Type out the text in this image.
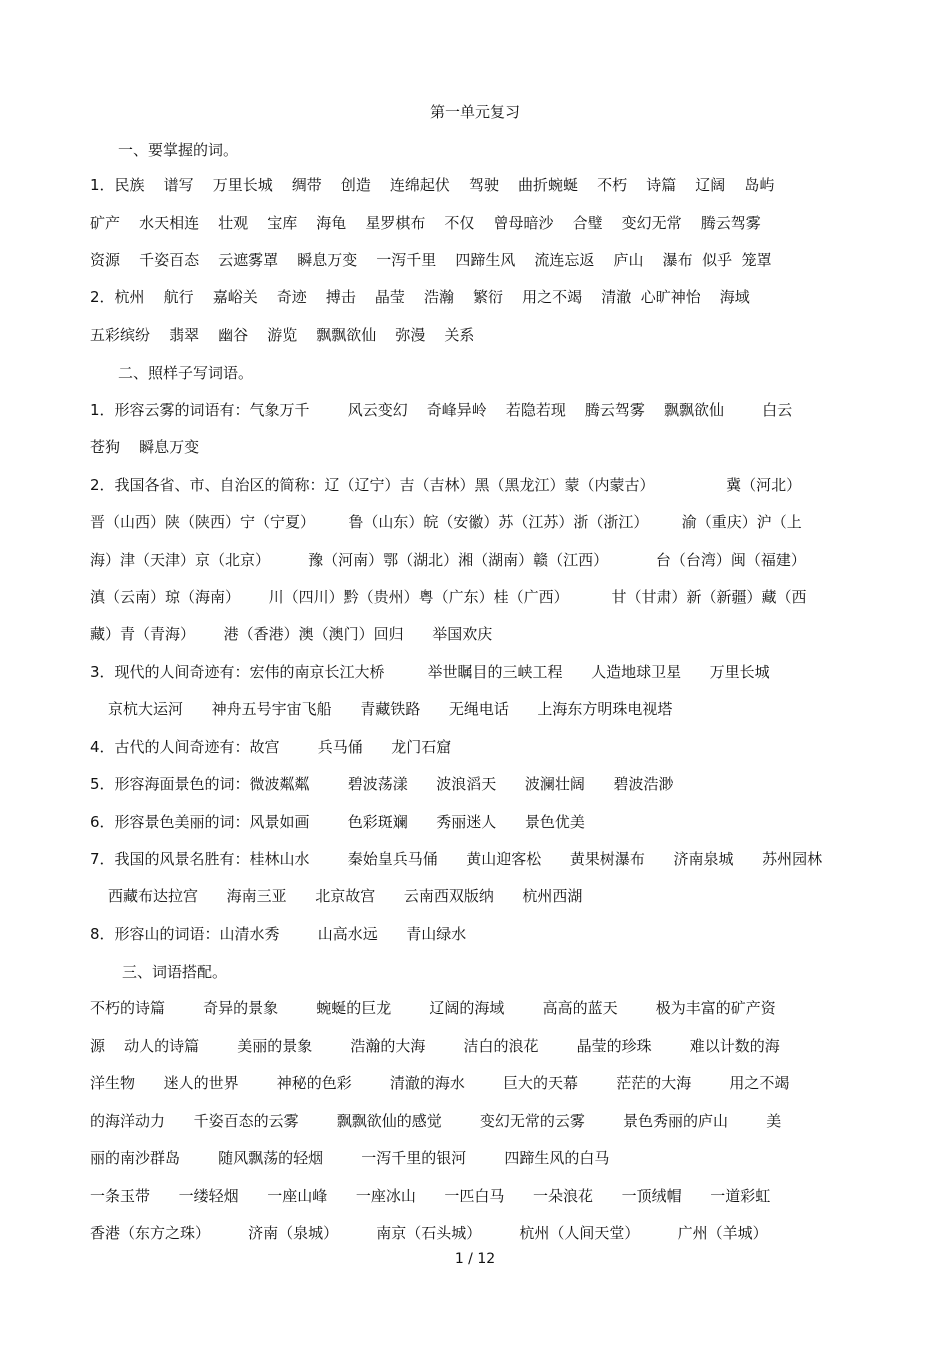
第一单元复习
一、要掌握的词。
1．民族    谱写    万里长城    绸带    创造    连绵起伏    驾驶    曲折蜿蜒    不朽    诗篇    辽阔    岛屿
矿产    水天相连    壮观    宝库    海龟    星罗棋布    不仅    曾母暗沙    合璧    变幻无常    腾云驾雾
资源    千姿百态    云遮雾罩    瞬息万变    一泻千里    四蹄生风    流连忘返    庐山    瀑布  似乎  笼罩
2．杭州    航行    嘉峪关    奇迹    搏击    晶莹    浩瀚    繁衍    用之不竭    清澈  心旷神怡    海域
五彩缤纷    翡翠    幽谷    游览    飘飘欲仙    弥漫    关系
二、照样子写词语。
1．形容云雾的词语有：气象万千        风云变幻    奇峰异岭    若隐若现    腾云驾雾    飘飘欲仙        白云
苍狗    瞬息万变
2．我国各省、市、自治区的简称：辽（辽宁）吉（吉林）黑（黑龙江）蒙（内蒙古）               冀（河北）
晋（山西）陕（陕西）宁（宁夏）       鲁（山东）皖（安徽）苏（江苏）浙（浙江）       渝（重庆）沪（上
海）津（天津）京（北京）        豫（河南）鄂（湖北）湘（湖南）赣（江西）          台（台湾）闽（福建）
滇（云南）琼（海南）      川（四川）黔（贵州）粤（广东）桂（广西）         甘（甘肃）新（新疆）藏（西
藏）青（青海）      港（香港）澳（澳门）回归      举国欢庆
3．现代的人间奇迹有：宏伟的南京长江大桥         举世瞩目的三峡工程      人造地球卫星      万里长城
京杭大运河      神舟五号宇宙飞船      青藏铁路      无绳电话      上海东方明珠电视塔
4．古代的人间奇迹有：故宫        兵马俑      龙门石窟
5．形容海面景色的词：微波粼粼        碧波荡漾      波浪滔天      波澜壮阔      碧波浩渺
6．形容景色美丽的词：风景如画        色彩斑斓      秀丽迷人      景色优美
7．我国的风景名胜有：桂林山水        秦始皇兵马俑      黄山迎客松      黄果树瀑布      济南泉城      苏州园林
西藏布达拉宫      海南三亚      北京故宫      云南西双版纳      杭州西湖
8．形容山的词语：山清水秀        山高水远      青山绿水
三、词语搭配。
不朽的诗篇        奇异的景象        蜿蜒的巨龙        辽阔的海域        高高的蓝天        极为丰富的矿产资
源    动人的诗篇        美丽的景象        浩瀚的大海        洁白的浪花        晶莹的珍珠        难以计数的海
洋生物      迷人的世界        神秘的色彩        清澈的海水        巨大的天幕        茫茫的大海        用之不竭
的海洋动力      千姿百态的云雾        飘飘欲仙的感觉        变幻无常的云雾        景色秀丽的庐山        美
丽的南沙群岛        随风飘荡的轻烟        一泻千里的银河        四蹄生风的白马
一条玉带      一缕轻烟      一座山峰      一座冰山      一匹白马      一朵浪花      一顶绒帽      一道彩虹
香港（东方之珠）        济南（泉城）        南京（石头城）        杭州（人间天堂）        广州（羊城）
1 / 12
